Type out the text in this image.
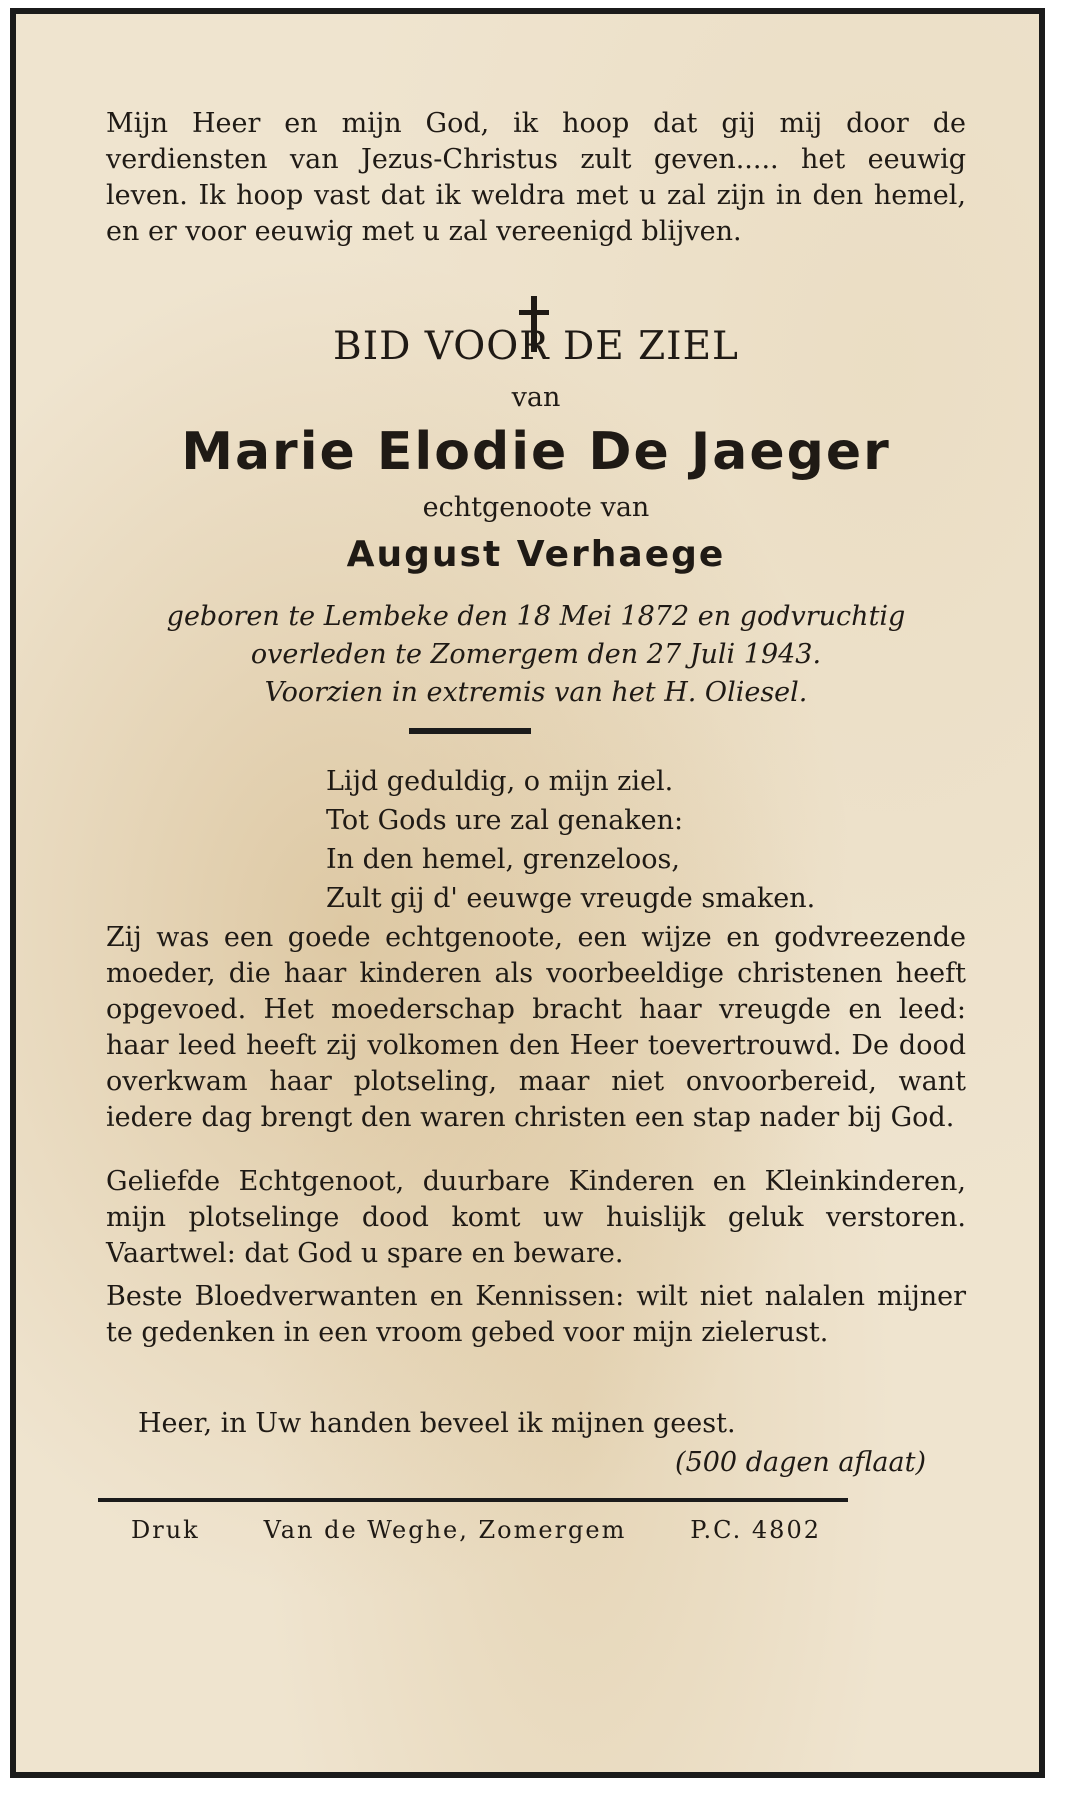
Mijn Heer en mijn God, ik hoop dat gij mij door de verdiensten van Jezus-Christus zult geven..... het eeuwig leven. Ik hoop vast dat ik weldra met u zal zijn in den hemel, en er voor eeuwig met u zal vereenigd blijven.
BID VOOR DE ZIEL
van
Marie Elodie De Jaeger
echtgenoote van
August Verhaege
geboren te Lembeke den 18 Mei 1872 en godvruchtig
overleden te Zomergem den 27 Juli 1943.
Voorzien in extremis van het H. Oliesel.
Lijd geduldig, o mijn ziel.
Tot Gods ure zal genaken:
In den hemel, grenzeloos,
Zult gij d' eeuwge vreugde smaken.
Zij was een goede echtgenoote, een wijze en godvreezende moeder, die haar kinderen als voorbeeldige christenen heeft opgevoed. Het moederschap bracht haar vreugde en leed: haar leed heeft zij volkomen den Heer toevertrouwd. De dood overkwam haar plotseling, maar niet onvoorbereid, want iedere dag brengt den waren christen een stap nader bij God.
Geliefde Echtgenoot, duurbare Kinderen en Kleinkinderen, mijn plotselinge dood komt uw huislijk geluk verstoren. Vaartwel: dat God u spare en beware.
Beste Bloedverwanten en Kennissen: wilt niet nalalen mijner te gedenken in een vroom gebed voor mijn zielerust.
Heer, in Uw handen beveel ik mijnen geest.
(500 dagen aflaat)
Druk	Van de Weghe, Zomergem	P.C. 4802
